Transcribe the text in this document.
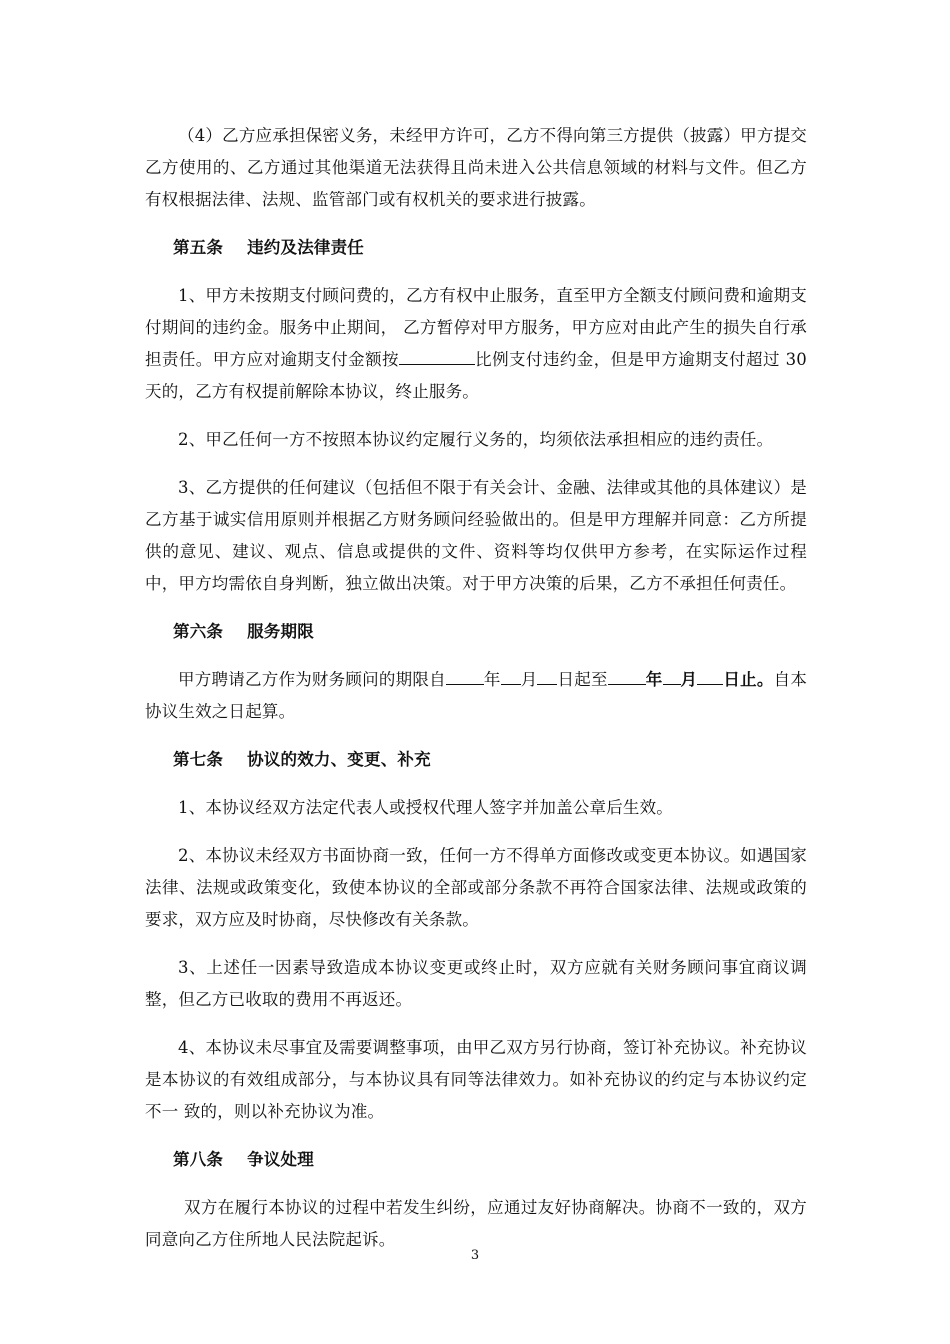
（4）乙方应承担保密义务，未经甲方许可，乙方不得向第三方提供（披露）甲方提交乙方使用的、乙方通过其他渠道无法获得且尚未进入公共信息领域的材料与文件。但乙方有权根据法律、法规、监管部门或有权机关的要求进行披露。

第五条 违约及法律责任

1、甲方未按期支付顾问费的，乙方有权中止服务，直至甲方全额支付顾问费和逾期支付期间的违约金。服务中止期间， 乙方暂停对甲方服务，甲方应对由此产生的损失自行承担责任。甲方应对逾期支付金额按	比例支付违约金，但是甲方逾期支付超过 30 天的，乙方有权提前解除本协议，终止服务。

2、甲乙任何一方不按照本协议约定履行义务的，均须依法承担相应的违约责任。

3、乙方提供的任何建议（包括但不限于有关会计、金融、法律或其他的具体建议）是乙方基于诚实信用原则并根据乙方财务顾问经验做出的。但是甲方理解并同意：乙方所提供的意见、建议、观点、信息或提供的文件、资料等均仅供甲方参考，在实际运作过程中，甲方均需依自身判断，独立做出决策。对于甲方决策的后果，乙方不承担任何责任。

第六条 服务期限

甲方聘请乙方作为财务顾问的期限自 年 月 日起至 年 月 日止。自本协议生效之日起算。

第七条 协议的效力、变更、补充

1、本协议经双方法定代表人或授权代理人签字并加盖公章后生效。

2、本协议未经双方书面协商一致，任何一方不得单方面修改或变更本协议。如遇国家法律、法规或政策变化，致使本协议的全部或部分条款不再符合国家法律、法规或政策的要求，双方应及时协商，尽快修改有关条款。

3、上述任一因素导致造成本协议变更或终止时，双方应就有关财务顾问事宜商议调整，但乙方已收取的费用不再返还。

4、本协议未尽事宜及需要调整事项，由甲乙双方另行协商，签订补充协议。补充协议是本协议的有效组成部分，与本协议具有同等法律效力。如补充协议的约定与本协议约定不一 致的，则以补充协议为准。

第八条 争议处理

双方在履行本协议的过程中若发生纠纷，应通过友好协商解决。协商不一致的，双方同意向乙方住所地人民法院起诉。

3
